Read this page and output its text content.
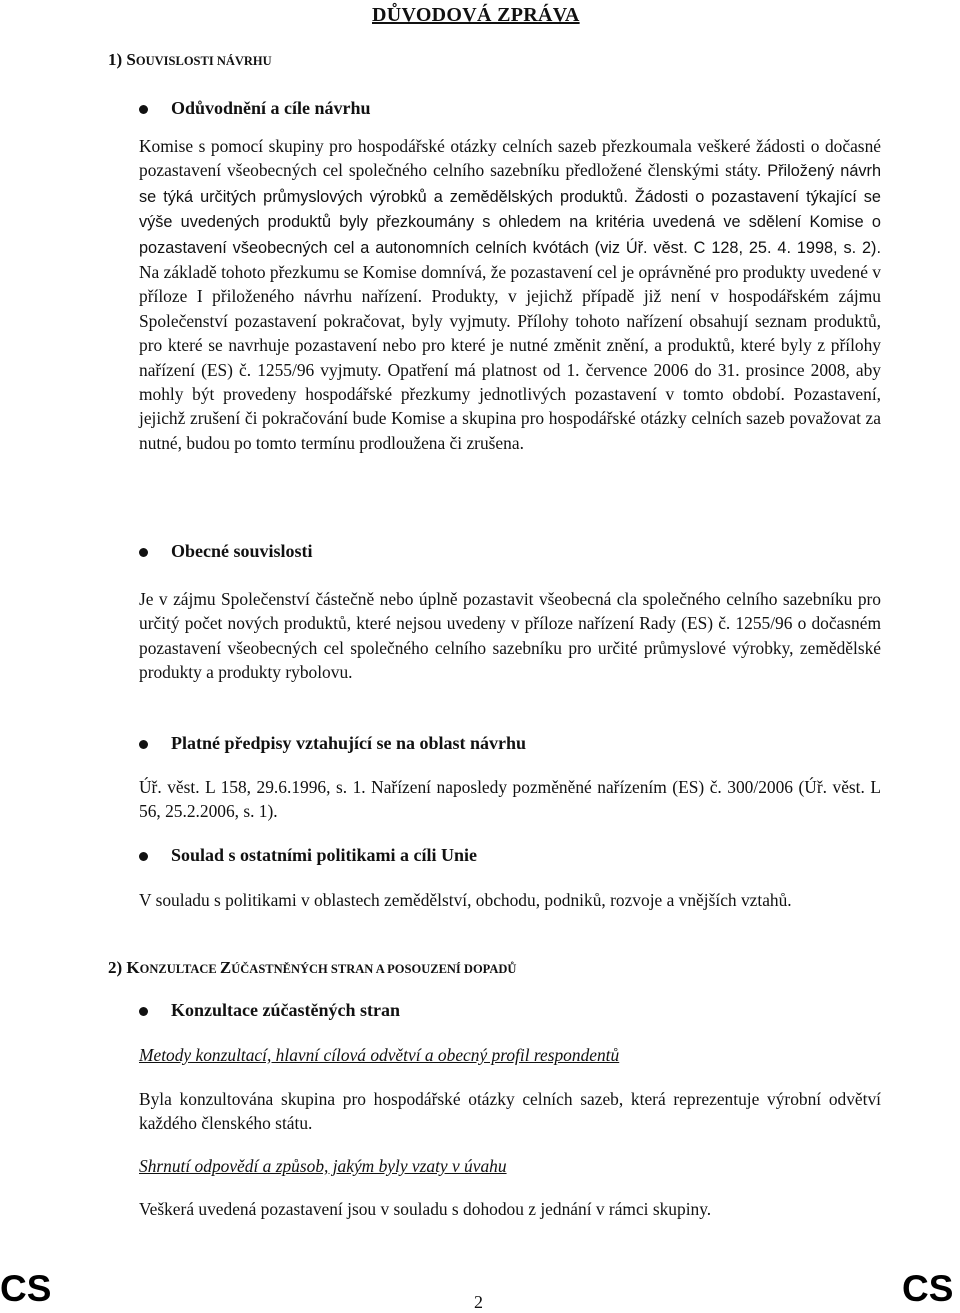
DŮVODOVÁ ZPRÁVA
1) SOUVISLOSTI NÁVRHU
Odůvodnění a cíle návrhu
Komise s pomocí skupiny pro hospodářské otázky celních sazeb přezkoumala veškeré žádosti o dočasné pozastavení všeobecných cel společného celního sazebníku předložené členskými státy. Přiložený návrh se týká určitých průmyslových výrobků a zemědělských produktů. Žádosti o pozastavení týkající se výše uvedených produktů byly přezkoumány s ohledem na kritéria uvedená ve sdělení Komise o pozastavení všeobecných cel a autonomních celních kvótách (viz Úř. věst. C 128, 25. 4. 1998, s. 2). Na základě tohoto přezkumu se Komise domnívá, že pozastavení cel je oprávněné pro produkty uvedené v příloze I přiloženého návrhu nařízení. Produkty, v jejichž případě již není v hospodářském zájmu Společenství pozastavení pokračovat, byly vyjmuty. Přílohy tohoto nařízení obsahují seznam produktů, pro které se navrhuje pozastavení nebo pro které je nutné změnit znění, a produktů, které byly z přílohy nařízení (ES) č. 1255/96 vyjmuty. Opatření má platnost od 1. července 2006 do 31. prosince 2008, aby mohly být provedeny hospodářské přezkumy jednotlivých pozastavení v tomto období. Pozastavení, jejichž zrušení či pokračování bude Komise a skupina pro hospodářské otázky celních sazeb považovat za nutné, budou po tomto termínu prodloužena či zrušena.
Obecné souvislosti
Je v zájmu Společenství částečně nebo úplně pozastavit všeobecná cla společného celního sazebníku pro určitý počet nových produktů, které nejsou uvedeny v příloze nařízení Rady (ES) č. 1255/96 o dočasném pozastavení všeobecných cel společného celního sazebníku pro určité průmyslové výrobky, zemědělské produkty a produkty rybolovu.
Platné předpisy vztahující se na oblast návrhu
Úř. věst. L 158, 29.6.1996, s. 1. Nařízení naposledy pozměněné nařízením (ES) č. 300/2006 (Úř. věst. L 56, 25.2.2006, s. 1).
Soulad s ostatními politikami a cíli Unie
V souladu s politikami v oblastech zemědělství, obchodu, podniků, rozvoje a vnějších vztahů.
2) KONZULTACE ZÚČASTNĚNÝCH STRAN A POSOUZENÍ DOPADŮ
Konzultace zúčastěných stran
Metody konzultací, hlavní cílová odvětví a obecný profil respondentů
Byla konzultována skupina pro hospodářské otázky celních sazeb, která reprezentuje výrobní odvětví každého členského státu.
Shrnutí odpovědí a způsob, jakým byly vzaty v úvahu
Veškerá uvedená pozastavení jsou v souladu s dohodou z jednání v rámci skupiny.
CS	2	CS
